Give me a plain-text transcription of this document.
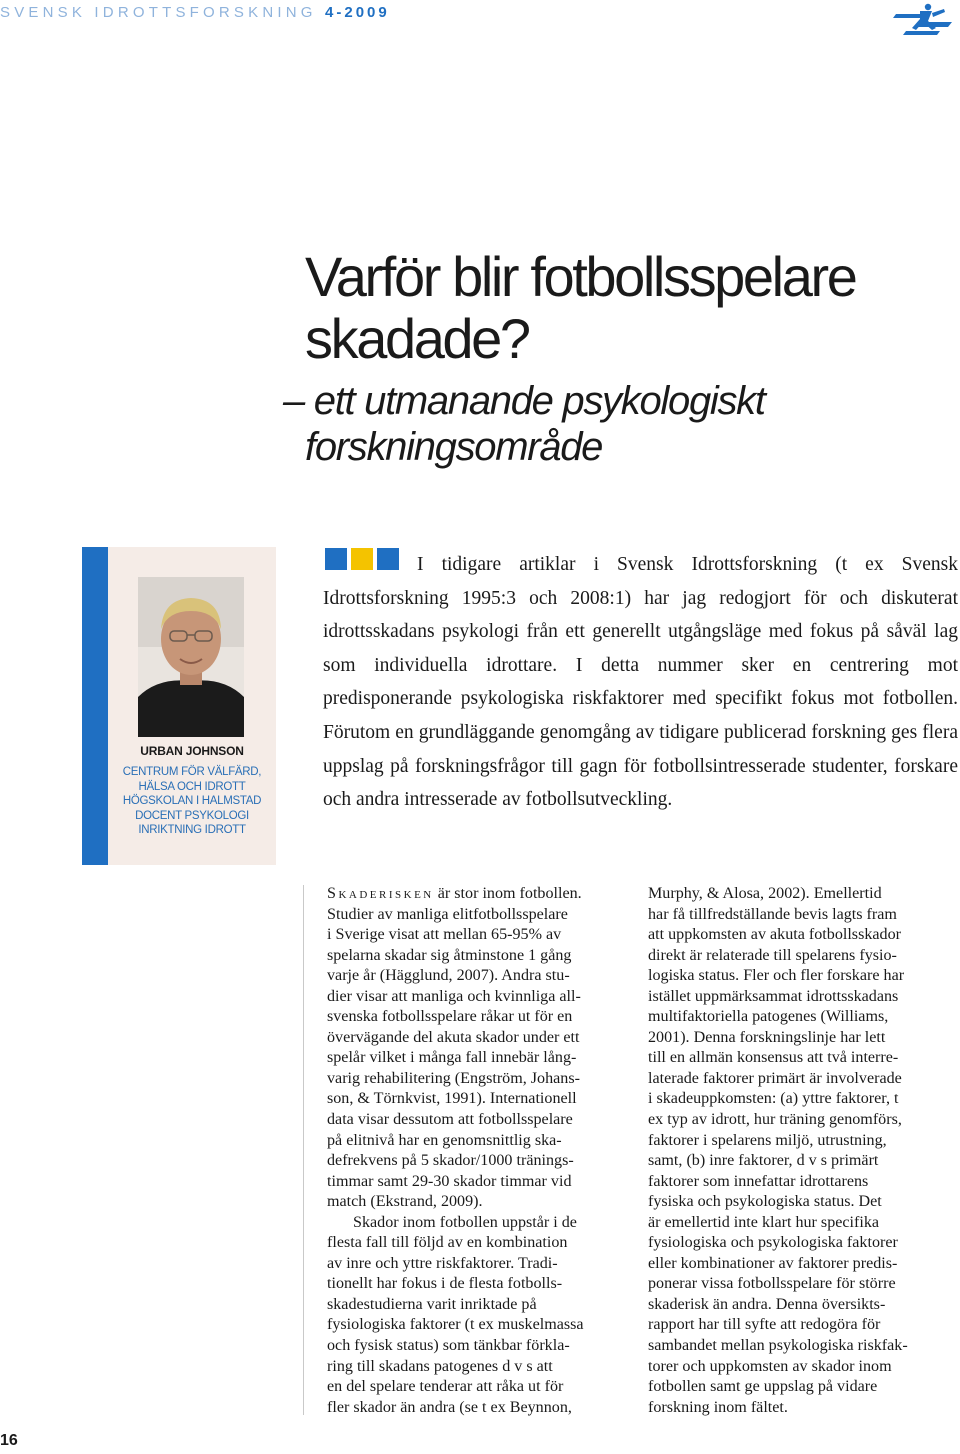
SVENSK IDROTTSFORSKNING 4-2009
Varför blir fotbollsspelare
skadade?
– ett utmanande psykologiskt
forskningsområde
URBAN JOHNSON
CENTRUM FÖR VÄLFÄRD,
HÄLSA OCH IDROTT
HÖGSKOLAN I HALMSTAD
DOCENT PSYKOLOGI
INRIKTNING IDROTT

I tidigare artiklar i Svensk Idrottsforskning (t ex Svensk Idrottsforskning 1995:3 och 2008:1) har jag redogjort för och diskuterat idrottsskadans psykologi från ett generellt utgångsläge med fokus på såväl lag som individuella idrottare. I detta nummer sker en centrering mot predisponerande psykologiska riskfaktorer med specifikt fokus mot fotbollen. Förutom en grundläggande genomgång av tidigare publicerad forskning ges flera uppslag på forskningsfrågor till gagn för fotbollsintresserade studenter, forskare och andra intresserade av fotbollsutveckling.

Skaderisken är stor inom fotbollen.
Studier av manliga elitfotbollsspelare
i Sverige visat att mellan 65-95% av
spelarna skadar sig åtminstone 1 gång
varje år (Hägglund, 2007). Andra stu-
dier visar att manliga och kvinnliga all-
svenska fotbollsspelare råkar ut för en
övervägande del akuta skador under ett
spelår vilket i många fall innebär lång-
varig rehabilitering (Engström, Johans-
son, & Törnkvist, 1991). Internationell
data visar dessutom att fotbollsspelare
på elitnivå har en genomsnittlig ska-
defrekvens på 5 skador/1000 tränings-
timmar samt 29-30 skador timmar vid
match (Ekstrand, 2009).
Skador inom fotbollen uppstår i de
flesta fall till följd av en kombination
av inre och yttre riskfaktorer. Tradi-
tionellt har fokus i de flesta fotbolls-
skadestudierna varit inriktade på
fysiologiska faktorer (t ex muskelmassa
och fysisk status) som tänkbar förkla-
ring till skadans patogenes d v s att
en del spelare tenderar att råka ut för
fler skador än andra (se t ex Beynnon,
Murphy, & Alosa, 2002). Emellertid
har få tillfredställande bevis lagts fram
att uppkomsten av akuta fotbollsskador
direkt är relaterade till spelarens fysio-
logiska status. Fler och fler forskare har
istället uppmärksammat idrottsskadans
multifaktoriella patogenes (Williams,
2001). Denna forskningslinje har lett
till en allmän konsensus att två interre-
laterade faktorer primärt är involverade
i skadeuppkomsten: (a) yttre faktorer, t
ex typ av idrott, hur träning genomförs,
faktorer i spelarens miljö, utrustning,
samt, (b) inre faktorer, d v s primärt
faktorer som innefattar idrottarens
fysiska och psykologiska status. Det
är emellertid inte klart hur specifika
fysiologiska och psykologiska faktorer
eller kombinationer av faktorer predis-
ponerar vissa fotbollsspelare för större
skaderisk än andra. Denna översikts-
rapport har till syfte att redogöra för
sambandet mellan psykologiska riskfak-
torer och uppkomsten av skador inom
fotbollen samt ge uppslag på vidare
forskning inom fältet.
16
